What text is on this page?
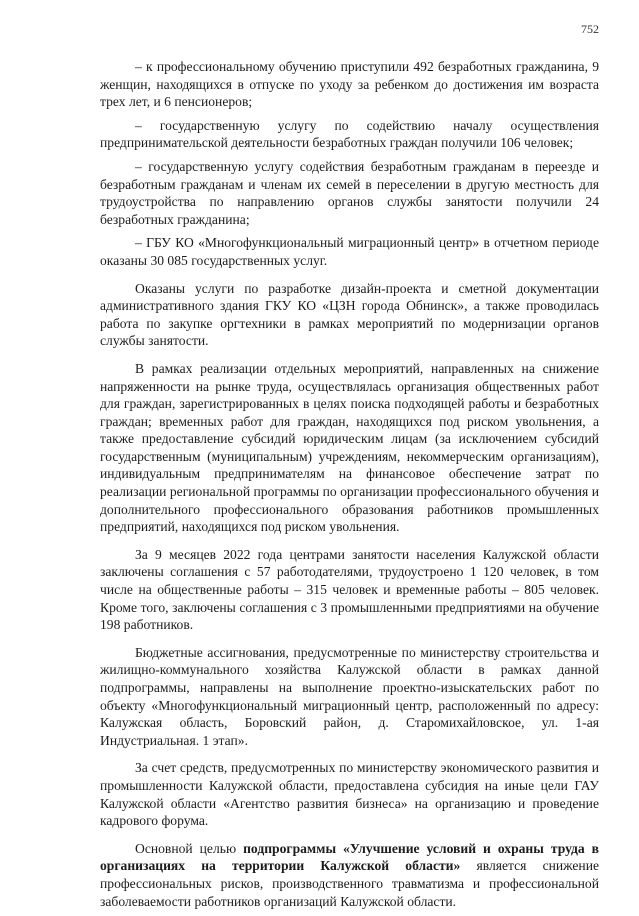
752

– к профессиональному обучению приступили 492 безработных гражданина, 9 женщин, находящихся в отпуске по уходу за ребенком до достижения им возраста трех лет, и 6 пенсионеров;

– государственную услугу по содействию началу осуществления предпринимательской деятельности безработных граждан получили 106 человек;

– государственную услугу содействия безработным гражданам в переезде и безработным гражданам и членам их семей в переселении в другую местность для трудоустройства по направлению органов службы занятости получили 24 безработных гражданина;

– ГБУ КО «Многофункциональный миграционный центр» в отчетном периоде оказаны 30 085 государственных услуг.

Оказаны услуги по разработке дизайн-проекта и сметной документации административного здания ГКУ КО «ЦЗН города Обнинск», а также проводилась работа по закупке оргтехники в рамках мероприятий по модернизации органов службы занятости.

В рамках реализации отдельных мероприятий, направленных на снижение напряженности на рынке труда, осуществлялась организация общественных работ для граждан, зарегистрированных в целях поиска подходящей работы и безработных граждан; временных работ для граждан, находящихся под риском увольнения, а также предоставление субсидий юридическим лицам (за исключением субсидий государственным (муниципальным) учреждениям, некоммерческим организациям), индивидуальным предпринимателям на финансовое обеспечение затрат по реализации региональной программы по организации профессионального обучения и дополнительного профессионального образования работников промышленных предприятий, находящихся под риском увольнения.

За 9 месяцев 2022 года центрами занятости населения Калужской области заключены соглашения с 57 работодателями, трудоустроено 1 120 человек, в том числе на общественные работы – 315 человек и временные работы – 805 человек. Кроме того, заключены соглашения с 3 промышленными предприятиями на обучение 198 работников.

Бюджетные ассигнования, предусмотренные по министерству строительства и жилищно-коммунального хозяйства Калужской области в рамках данной подпрограммы, направлены на выполнение проектно-изыскательских работ по объекту «Многофункциональный миграционный центр, расположенный по адресу: Калужская область, Боровский район, д. Старомихайловское, ул. 1-ая Индустриальная. 1 этап».

За счет средств, предусмотренных по министерству экономического развития и промышленности Калужской области, предоставлена субсидия на иные цели ГАУ Калужской области «Агентство развития бизнеса» на организацию и проведение кадрового форума.

Основной целью подпрограммы «Улучшение условий и охраны труда в организациях на территории Калужской области» является снижение профессиональных рисков, производственного травматизма и профессиональной заболеваемости работников организаций Калужской области.
